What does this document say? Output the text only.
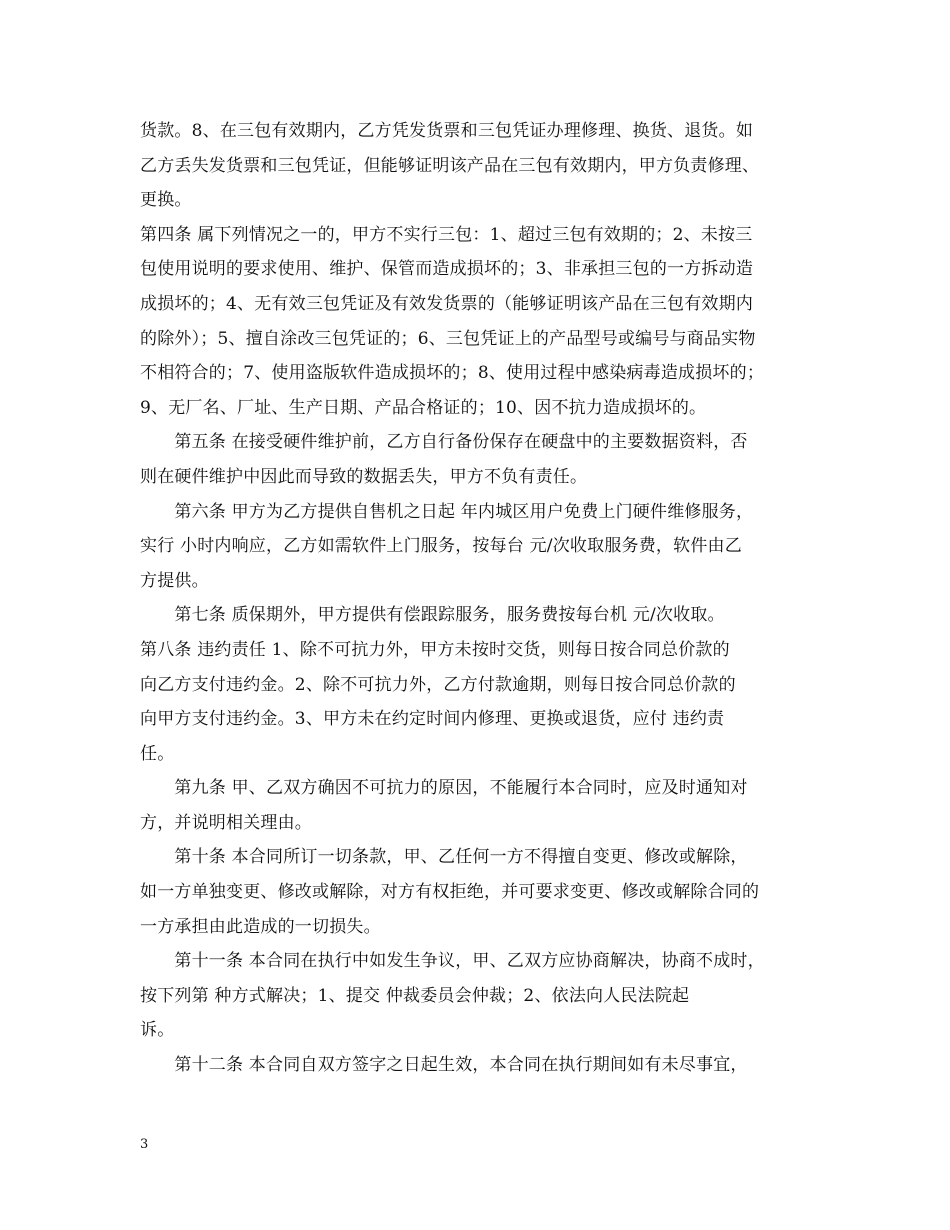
货款。8、在三包有效期内，乙方凭发货票和三包凭证办理修理、换货、退货。如
乙方丢失发货票和三包凭证，但能够证明该产品在三包有效期内，甲方负责修理、
更换。
第四条 属下列情况之一的，甲方不实行三包：1、超过三包有效期的；2、未按三
包使用说明的要求使用、维护、保管而造成损坏的；3、非承担三包的一方拆动造
成损坏的；4、无有效三包凭证及有效发货票的（能够证明该产品在三包有效期内
的除外）；5、擅自涂改三包凭证的；6、三包凭证上的产品型号或编号与商品实物
不相符合的；7、使用盗版软件造成损坏的；8、使用过程中感染病毒造成损坏的；
9、无厂名、厂址、生产日期、产品合格证的；10、因不抗力造成损坏的。
　　第五条 在接受硬件维护前，乙方自行备份保存在硬盘中的主要数据资料，否
则在硬件维护中因此而导致的数据丢失，甲方不负有责任。
　　第六条 甲方为乙方提供自售机之日起 年内城区用户免费上门硬件维修服务，
实行 小时内响应，乙方如需软件上门服务，按每台 元/次收取服务费，软件由乙
方提供。
　　第七条 质保期外，甲方提供有偿跟踪服务，服务费按每台机 元/次收取。
第八条 违约责任 1、除不可抗力外，甲方未按时交货，则每日按合同总价款的
向乙方支付违约金。2、除不可抗力外，乙方付款逾期，则每日按合同总价款的
向甲方支付违约金。3、甲方未在约定时间内修理、更换或退货，应付 违约责
任。
　　第九条 甲、乙双方确因不可抗力的原因，不能履行本合同时，应及时通知对
方，并说明相关理由。
　　第十条 本合同所订一切条款，甲、乙任何一方不得擅自变更、修改或解除，
如一方单独变更、修改或解除，对方有权拒绝，并可要求变更、修改或解除合同的
一方承担由此造成的一切损失。
　　第十一条 本合同在执行中如发生争议，甲、乙双方应协商解决，协商不成时，
按下列第 种方式解决；1、提交 仲裁委员会仲裁；2、依法向人民法院起
诉。
　　第十二条 本合同自双方签字之日起生效，本合同在执行期间如有未尽事宜，
3
